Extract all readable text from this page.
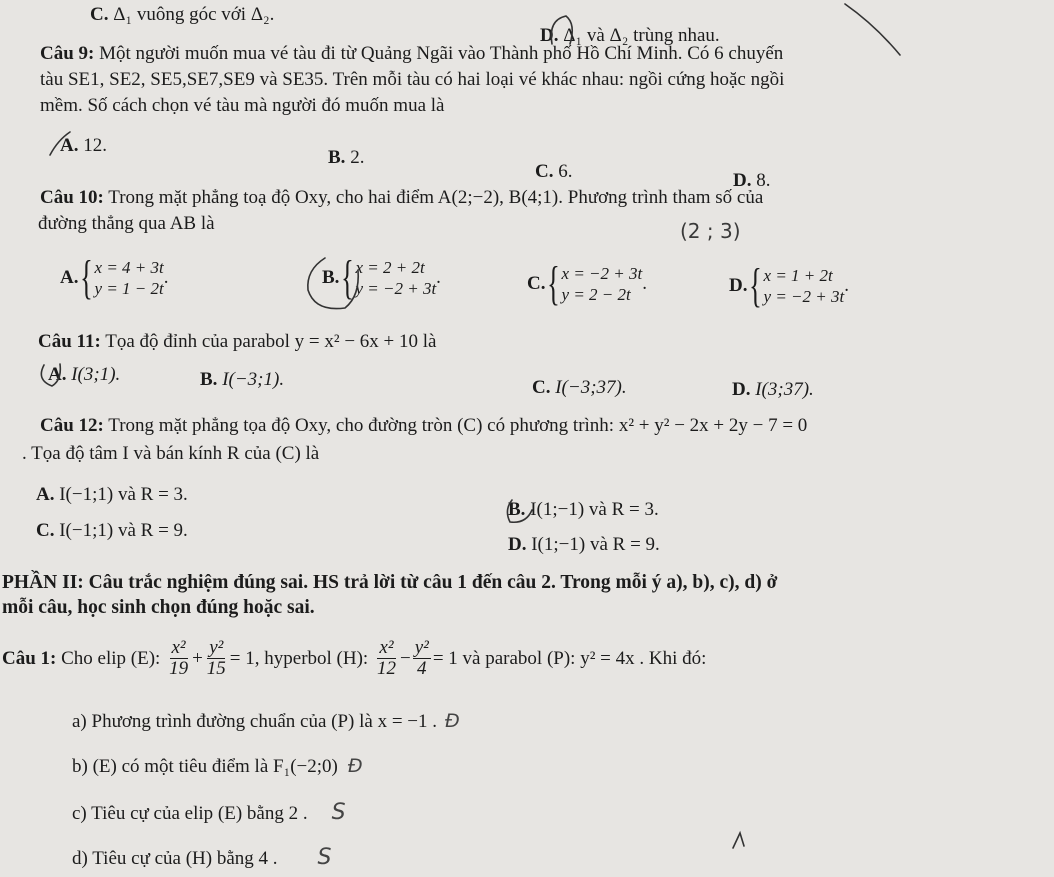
C. Δ₁ vuông góc với Δ₂.
D. Δ₁ và Δ₂ trùng nhau.
Câu 9: Một người muốn mua vé tàu đi từ Quảng Ngãi vào Thành phố Hồ Chí Minh. Có 6 chuyến
tàu SE1, SE2, SE5,SE7,SE9 và SE35. Trên mỗi tàu có hai loại vé khác nhau: ngồi cứng hoặc ngồi
mềm. Số cách chọn vé tàu mà người đó muốn mua là
A. 12.
B. 2.
C. 6.	D. 8.
Câu 10: Trong mặt phẳng toạ độ Oxy, cho hai điểm A(2;−2), B(4;1). Phương trình tham số của
đường thẳng qua AB là	(2 ; 3)
A. { x = 4 + 3t
y = 1 − 2t
.	B. { x = 2 + 2t
y = −2 + 3t
.	C. { x = −2 + 3t
y = 2 − 2t
.	D. { x = 1 + 2t
y = −2 + 3t
.
Câu 11: Tọa độ đỉnh của parabol y = x² − 6x + 10 là
A. I(3;1).	B. I(−3;1).	C. I(−3;37).	D. I(3;37).
Câu 12: Trong mặt phẳng tọa độ Oxy, cho đường tròn (C) có phương trình: x² + y² − 2x + 2y − 7 = 0
. Tọa độ tâm I và bán kính R của (C) là
A. I(−1;1) và R = 3.
B. I(1;−1) và R = 3.
C. I(−1;1) và R = 9.
D. I(1;−1) và R = 9.
PHẦN II: Câu trắc nghiệm đúng sai. HS trả lời từ câu 1 đến câu 2. Trong mỗi ý a), b), c), d) ở
mỗi câu, học sinh chọn đúng hoặc sai.
Câu 1:
Cho elip (E):
$\frac{\text{x²}}{19} + \frac{\text{y²}}{15} = 1$ , hyperbol (H):
$\frac{\text{x²}}{12} - \frac{\text{y²}}{4} = 1$
và parabol (P): y² = 4x . Khi đó:
a) Phương trình đường chuẩn của (P) là x = −1 . Đ
b) (E) có một tiêu điểm là F₁(−2;0) Đ
c) Tiêu cự của elip (E) bằng 2 . S
d) Tiêu cự của (H) bằng 4 . S
